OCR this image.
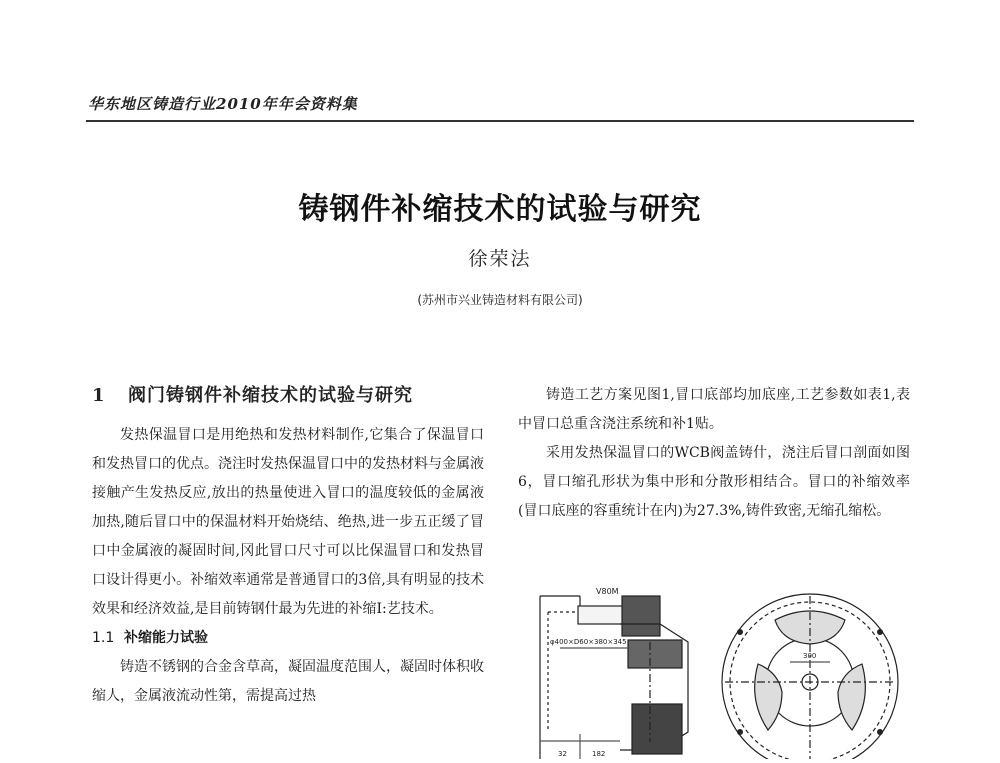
华东地区铸造行业2010年年会资料集
铸钢件补缩技术的试验与研究
徐荣法
(苏州市兴业铸造材料有限公司)
1 阀门铸钢件补缩技术的试验与研究

发热保温冒口是用绝热和发热材料制作,它集合了保温冒口和发热冒口的优点。浇注时发热保温冒口中的发热材料与金属液接触产生发热反应,放出的热量使进入冒口的温度较低的金属液加热,随后冒口中的保温材料开始烧结、绝热,进一步五正缓了冒口中金属液的凝固时间,冈此冒口尺寸可以比保温冒口和发热冒口设计得更小。补缩效率通常是普通冒口的3倍,具有明显的技术效果和经济效益,是目前铸钢什最为先进的补缩I:艺技术。

1.1 补缩能力试验

铸造不锈钢的合金含草高，凝固温度范围人，凝固时体积收缩人，金属液流动性第，需提高过热

铸造工艺方案见图1,冒口底部均加底座,工艺参数如表1,表中冒口总重含浇注系统和补1贴。

采用发热保温冒口的WCB阀盖铸什，浇注后冒口剖面如图6，冒口缩孔形状为集中形和分散形相结合。冒口的补缩效率 (冒口底座的容重统计在内)为27.3%,铸件致密,无缩孔缩松。

V80M
φ400×D60×380×345
32	182
300
